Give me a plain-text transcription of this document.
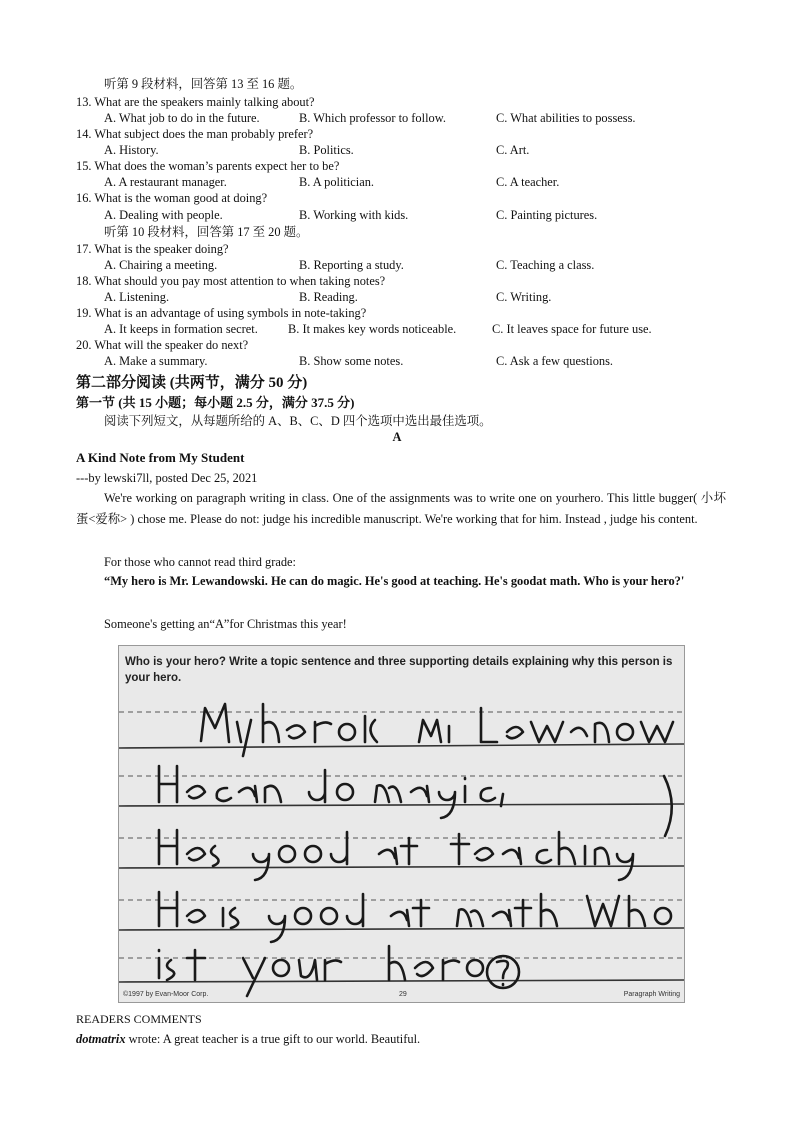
听第 9 段材料，回答第 13 至 16 题。
13. What are the speakers mainly talking about?
A. What job to do in the future.	B. Which professor to follow.	C. What abilities to possess.
14. What subject does the man probably prefer?
A. History.	B. Politics.	C. Art.
15. What does the woman’s parents expect her to be?
A. A restaurant manager.	B. A politician.	C. A teacher.
16. What is the woman good at doing?
A. Dealing with people.	B. Working with kids.	C. Painting pictures.
听第 10 段材料，回答第 17 至 20 题。
17. What is the speaker doing?
A. Chairing a meeting.	B. Reporting a study.	C. Teaching a class.
18. What should you pay most attention to when taking notes?
A. Listening.	B. Reading.	C. Writing.
19. What is an advantage of using symbols in note-taking?
A. It keeps in formation secret. B. It makes key words noticeable.	C. It leaves space for future use.
20. What will the speaker do next?
A. Make a summary.	B. Show some notes.	C. Ask a few questions.
第二部分阅读 (共两节，满分 50 分)
第一节 (共 15 小题；每小题 2.5 分，满分 37.5 分)
阅读下列短文，从每题所给的 A、B、C、D 四个选项中选出最佳选项。
A
A Kind Note from My Student
---by lewski7ll, posted Dec 25, 2021
We're working on paragraph writing in class. One of the assignments was to write one on yourhero. This little bugger( 小坏蛋<爱称> ) chose me. Please do not: judge his incredible manuscript. We're working that for him. Instead , judge his content.
For those who cannot read third grade:
“My hero is Mr. Lewandowski. He can do magic. He's good at teaching. He's goodat math. Who is your hero?'
Someone's getting an“A”for Christmas this year!
Who is your hero? Write a topic sentence and three supporting details explaining why this person is your hero.
©1997 by Evan-Moor Corp.	29	Paragraph Writing
READERS COMMENTS
dotmatrix wrote: A great teacher is a true gift to our world. Beautiful.
